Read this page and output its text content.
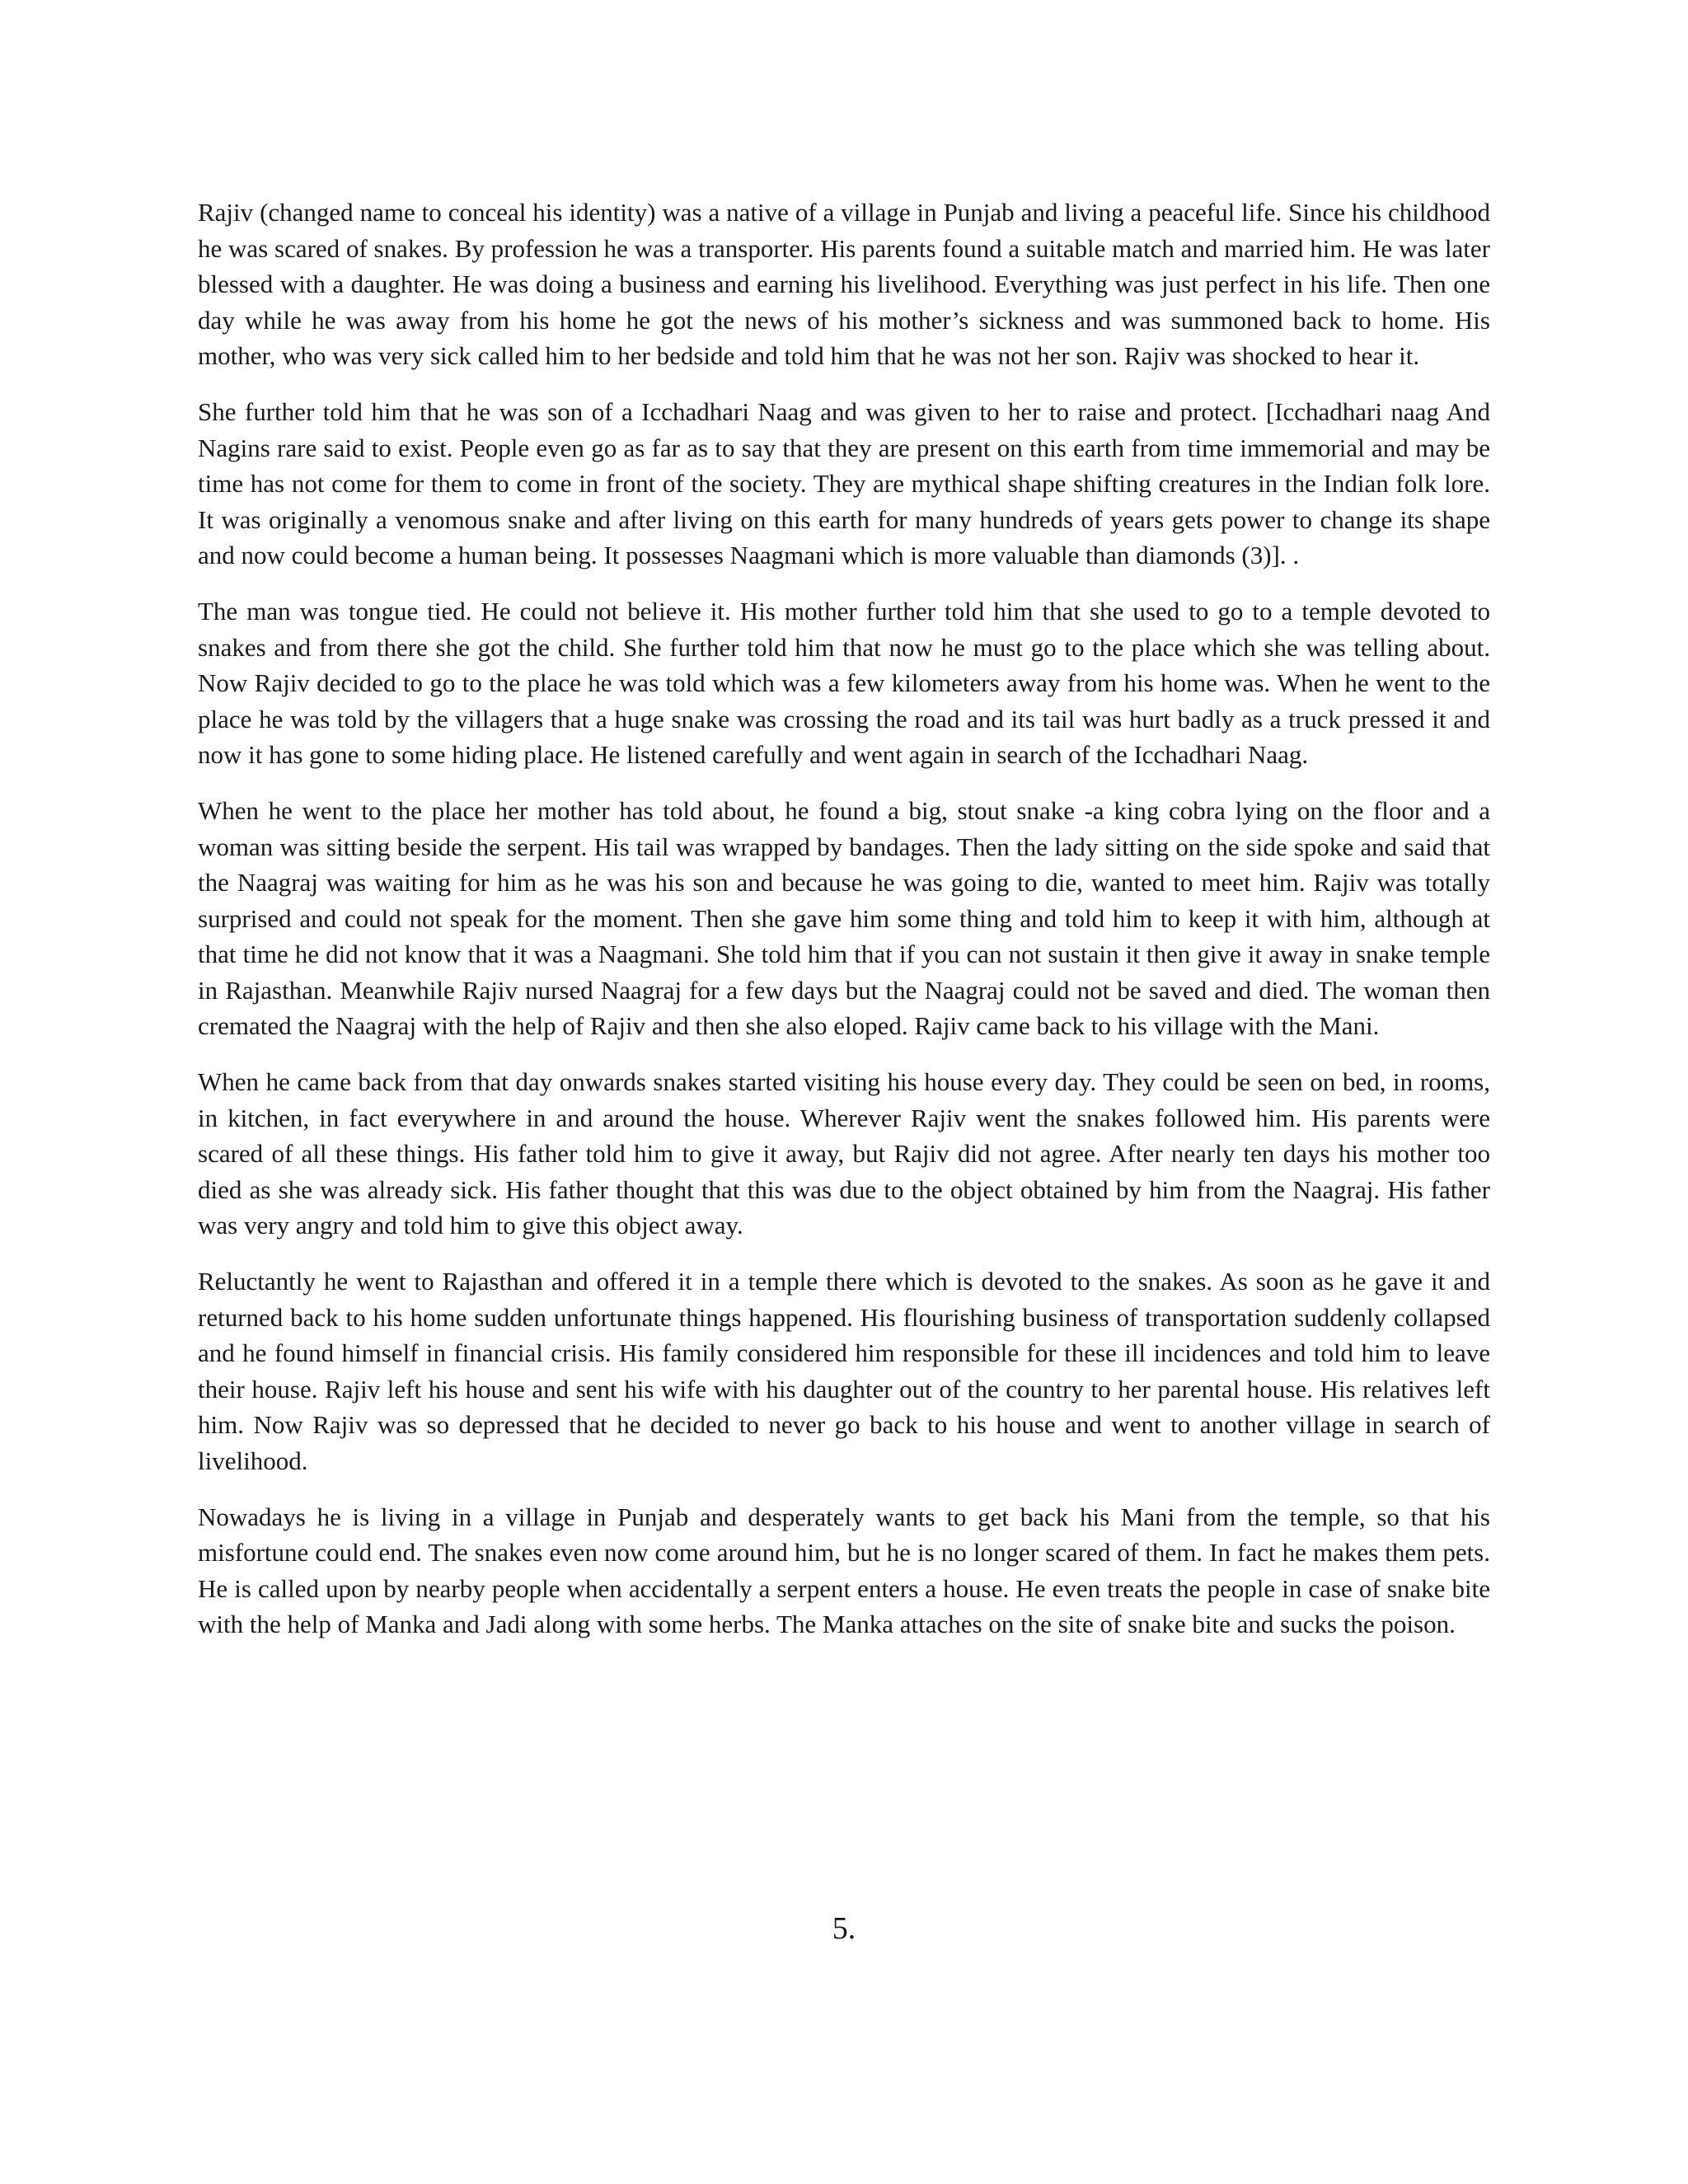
Rajiv (changed name to conceal his identity) was a native of a village in Punjab and living a peaceful life. Since his childhood he was scared of snakes. By profession he was a transporter. His parents found a suitable match and married him. He was later blessed with a daughter. He was doing a business and earning his livelihood. Everything was just perfect in his life. Then one day while he was away from his home he got the news of his mother’s sickness and was summoned back to home. His mother, who was very sick called him to her bedside and told him that he was not her son. Rajiv was shocked to hear it.

She further told him that he was son of a Icchadhari Naag and was given to her to raise and protect. [Icchadhari naag And Nagins rare said to exist. People even go as far as to say that they are present on this earth from time immemorial and may be time has not come for them to come in front of the society. They are mythical shape shifting creatures in the Indian folk lore. It was originally a venomous snake and after living on this earth for many hundreds of years gets power to change its shape and now could become a human being. It possesses Naagmani which is more valuable than diamonds (3)]. .

The man was tongue tied. He could not believe it. His mother further told him that she used to go to a temple devoted to snakes and from there she got the child. She further told him that now he must go to the place which she was telling about. Now Rajiv decided to go to the place he was told which was a few kilometers away from his home was. When he went to the place he was told by the villagers that a huge snake was crossing the road and its tail was hurt badly as a truck pressed it and now it has gone to some hiding place. He listened carefully and went again in search of the Icchadhari Naag.

When he went to the place her mother has told about, he found a big, stout snake -a king cobra lying on the floor and a woman was sitting beside the serpent. His tail was wrapped by bandages. Then the lady sitting on the side spoke and said that the Naagraj was waiting for him as he was his son and because he was going to die, wanted to meet him. Rajiv was totally surprised and could not speak for the moment. Then she gave him some thing and told him to keep it with him, although at that time he did not know that it was a Naagmani. She told him that if you can not sustain it then give it away in snake temple in Rajasthan. Meanwhile Rajiv nursed Naagraj for a few days but the Naagraj could not be saved and died. The woman then cremated the Naagraj with the help of Rajiv and then she also eloped. Rajiv came back to his village with the Mani.

When he came back from that day onwards snakes started visiting his house every day. They could be seen on bed, in rooms, in kitchen, in fact everywhere in and around the house. Wherever Rajiv went the snakes followed him. His parents were scared of all these things. His father told him to give it away, but Rajiv did not agree. After nearly ten days his mother too died as she was already sick. His father thought that this was due to the object obtained by him from the Naagraj. His father was very angry and told him to give this object away.

Reluctantly he went to Rajasthan and offered it in a temple there which is devoted to the snakes. As soon as he gave it and returned back to his home sudden unfortunate things happened. His flourishing business of transportation suddenly collapsed and he found himself in financial crisis. His family considered him responsible for these ill incidences and told him to leave their house. Rajiv left his house and sent his wife with his daughter out of the country to her parental house. His relatives left him. Now Rajiv was so depressed that he decided to never go back to his house and went to another village in search of livelihood.

Nowadays he is living in a village in Punjab and desperately wants to get back his Mani from the temple, so that his misfortune could end. The snakes even now come around him, but he is no longer scared of them. In fact he makes them pets. He is called upon by nearby people when accidentally a serpent enters a house. He even treats the people in case of snake bite with the help of Manka and Jadi along with some herbs. The Manka attaches on the site of snake bite and sucks the poison.

5.
